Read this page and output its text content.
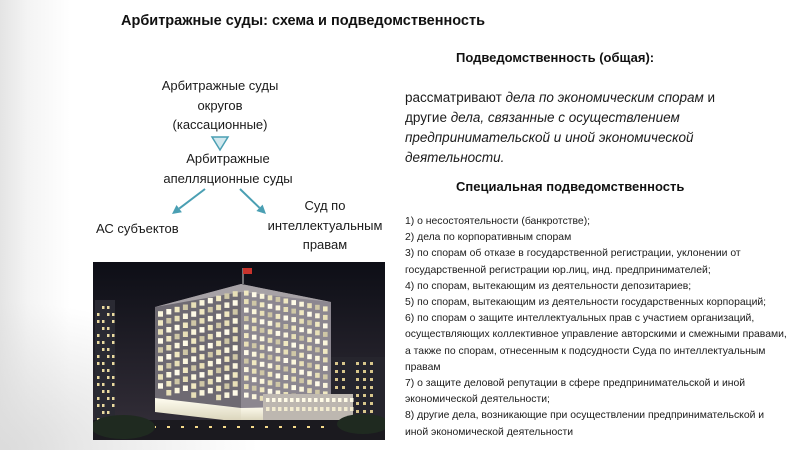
Арбитражные суды: схема и подведомственность
Арбитражные суды
округов
(кассационные)
Арбитражные
апелляционные суды
АС субъектов
Суд по
интеллектуальным
правам
Подведомственность (общая):
рассматривают дела по экономическим спорам и другие дела, связанные с осуществлением предпринимательской и иной экономической деятельности.
Специальная подведомственность
1) о несостоятельности (банкротстве);
2) дела по корпоративным спорам
3) по спорам об отказе в государственной регистрации, уклонении от государственной регистрации юр.лиц, инд. предпринимателей;
4) по спорам, вытекающим из деятельности депозитариев;
5) по спорам, вытекающим из деятельности государственных корпораций;
6) по спорам о защите интеллектуальных прав с участием организаций, осуществляющих коллективное управление авторскими и смежными правами, а также по спорам, отнесенным к подсудности Суда по интеллектуальным правам
7) о защите деловой репутации в сфере предпринимательской и иной экономической деятельности;
8) другие дела, возникающие при осуществлении предпринимательской и иной экономической деятельности
